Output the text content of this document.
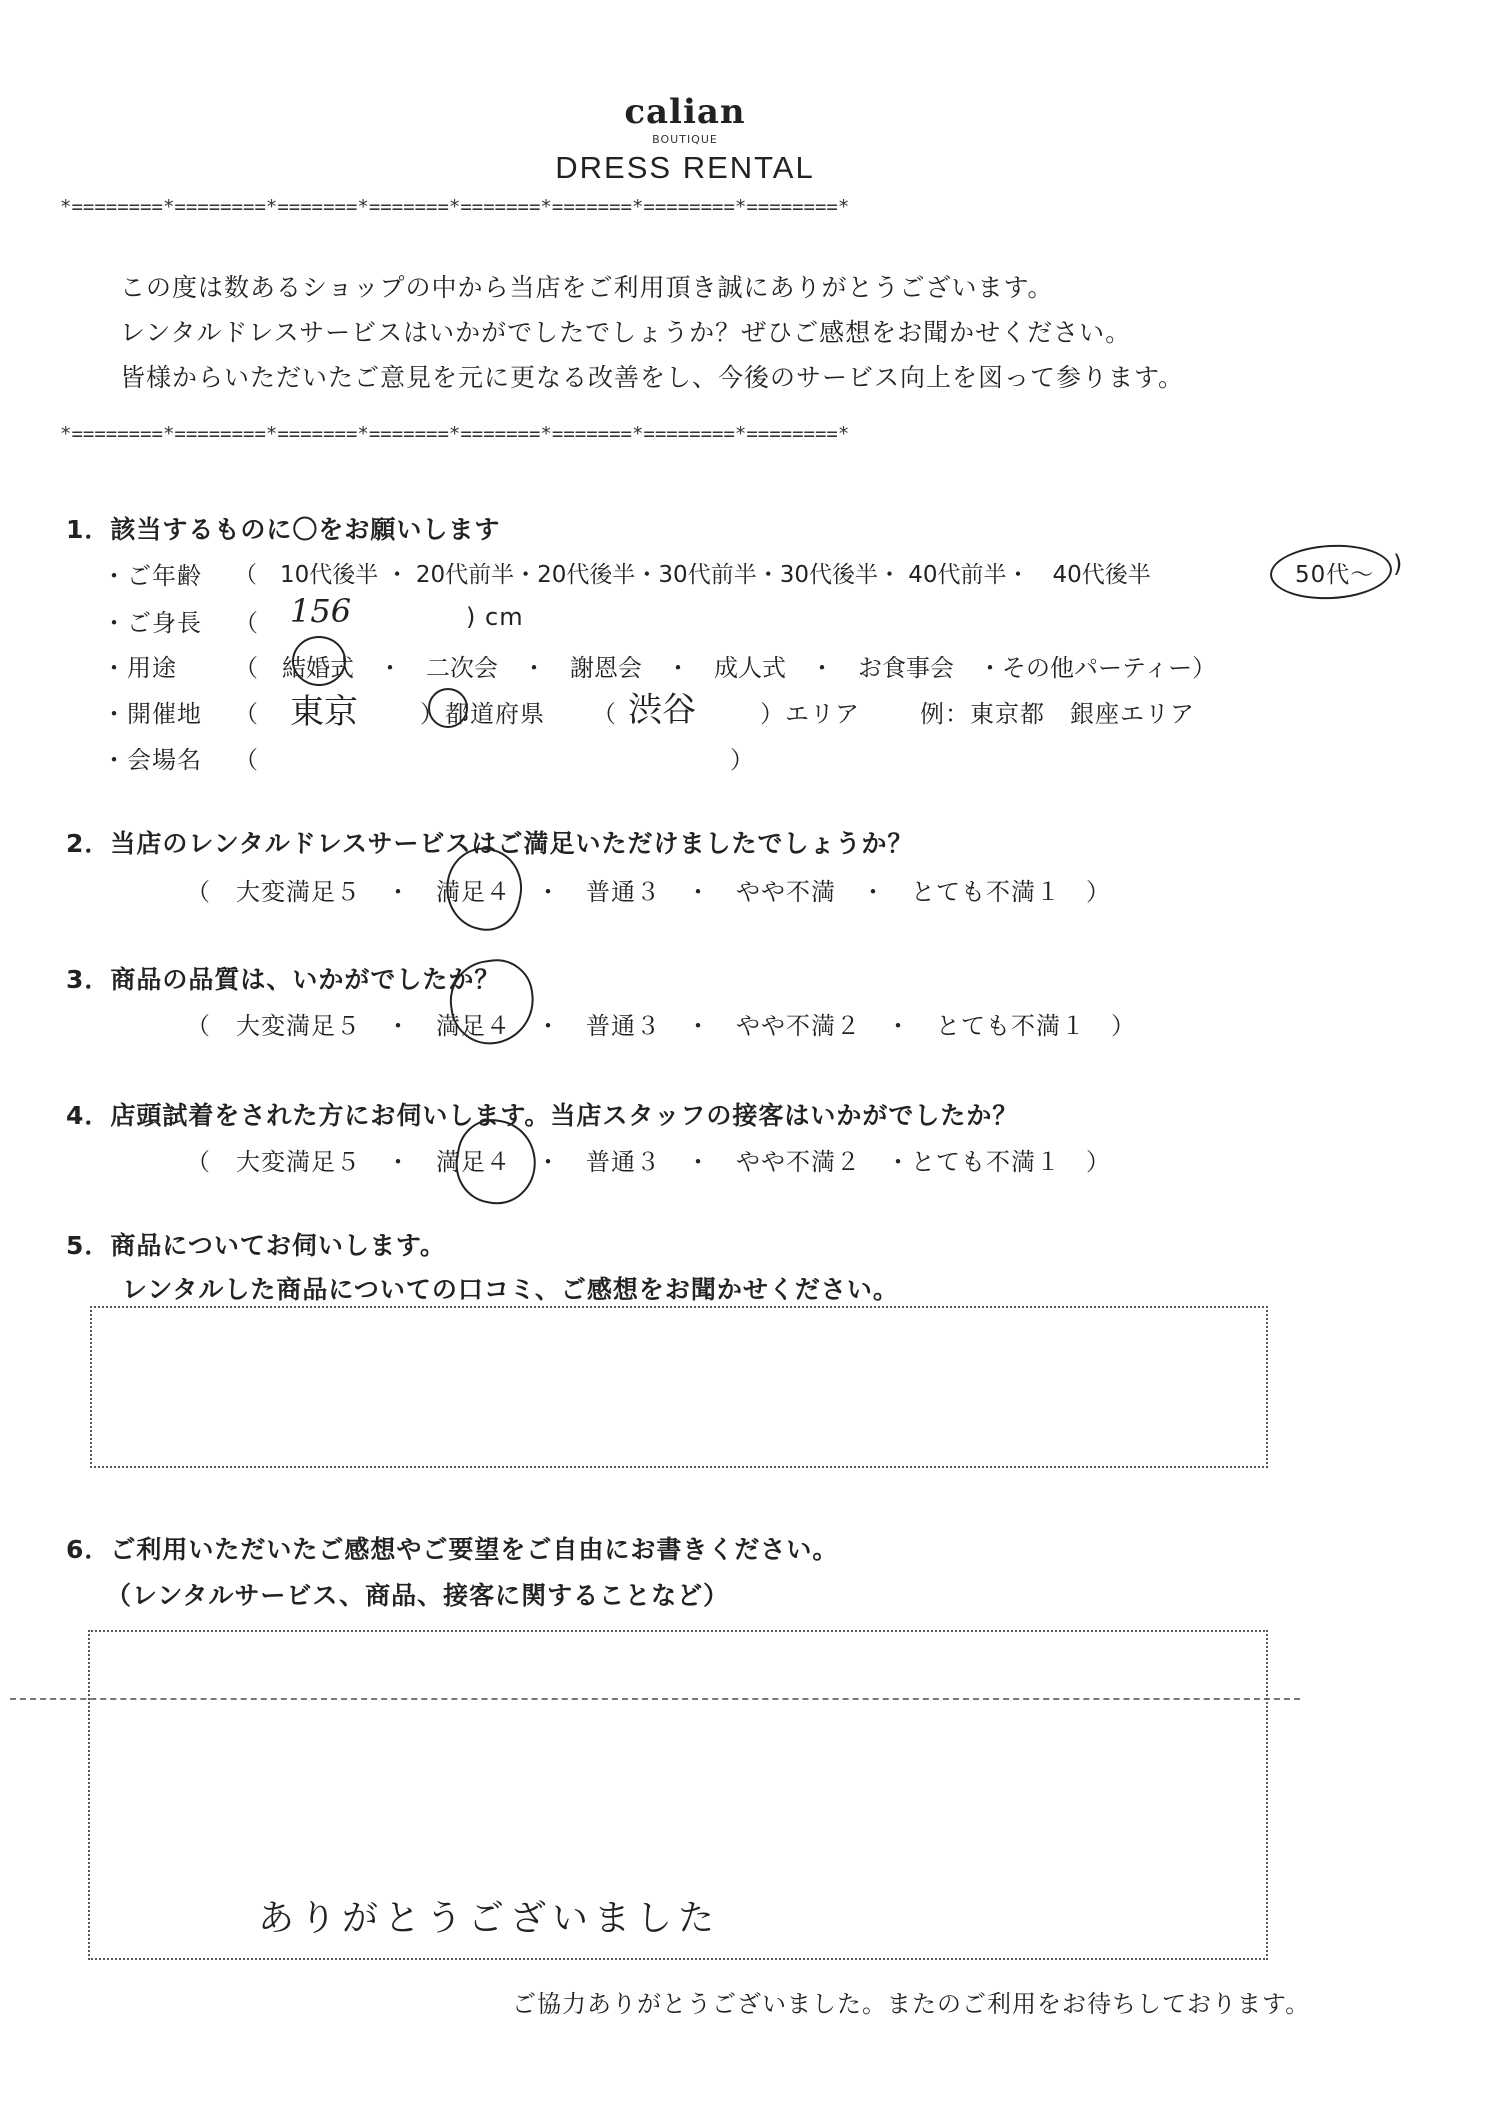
calian
BOUTIQUE
DRESS RENTAL
*========*========*=======*=======*=======*=======*========*========*
この度は数あるショップの中から当店をご利用頂き誠にありがとうございます。
レンタルドレスサービスはいかがでしたでしょうか？ぜひご感想をお聞かせください。
皆様からいただいたご意見を元に更なる改善をし、今後のサービス向上を図って参ります。
*========*========*=======*=======*=======*=======*========*========*
1．該当するものに〇をお願いします
・ご年齢 （　10代後半 ・ 20代前半・20代後半・30代前半・30代後半・ 40代前半・　40代後半	50代〜 )
・ご身長 （ 156	) cm
・用途 （　結婚式　・　二次会　・　謝恩会　・　成人式　・　お食事会　・その他パーティー）
・開催地 （ 東京	）都道府県 （ 渋谷	）エリア	例：東京都　銀座エリア
・会場名 （	）
2．当店のレンタルドレスサービスはご満足いただけましたでしょうか？
（　大変満足５　・　満足４　・　普通３　・　やや不満　・　とても不満１　）
3．商品の品質は、いかがでしたか？
（　大変満足５　・　満足４　・　普通３　・　やや不満２　・　とても不満１　）
4．店頭試着をされた方にお伺いします。当店スタッフの接客はいかがでしたか？
（　大変満足５　・　満足４　・　普通３　・　やや不満２　・とても不満１　）
5．商品についてお伺いします。
レンタルした商品についての口コミ、ご感想をお聞かせください。
6．ご利用いただいたご感想やご要望をご自由にお書きください。
（レンタルサービス、商品、接客に関することなど）
ありがとうございました
ご協力ありがとうございました。またのご利用をお待ちしております。
